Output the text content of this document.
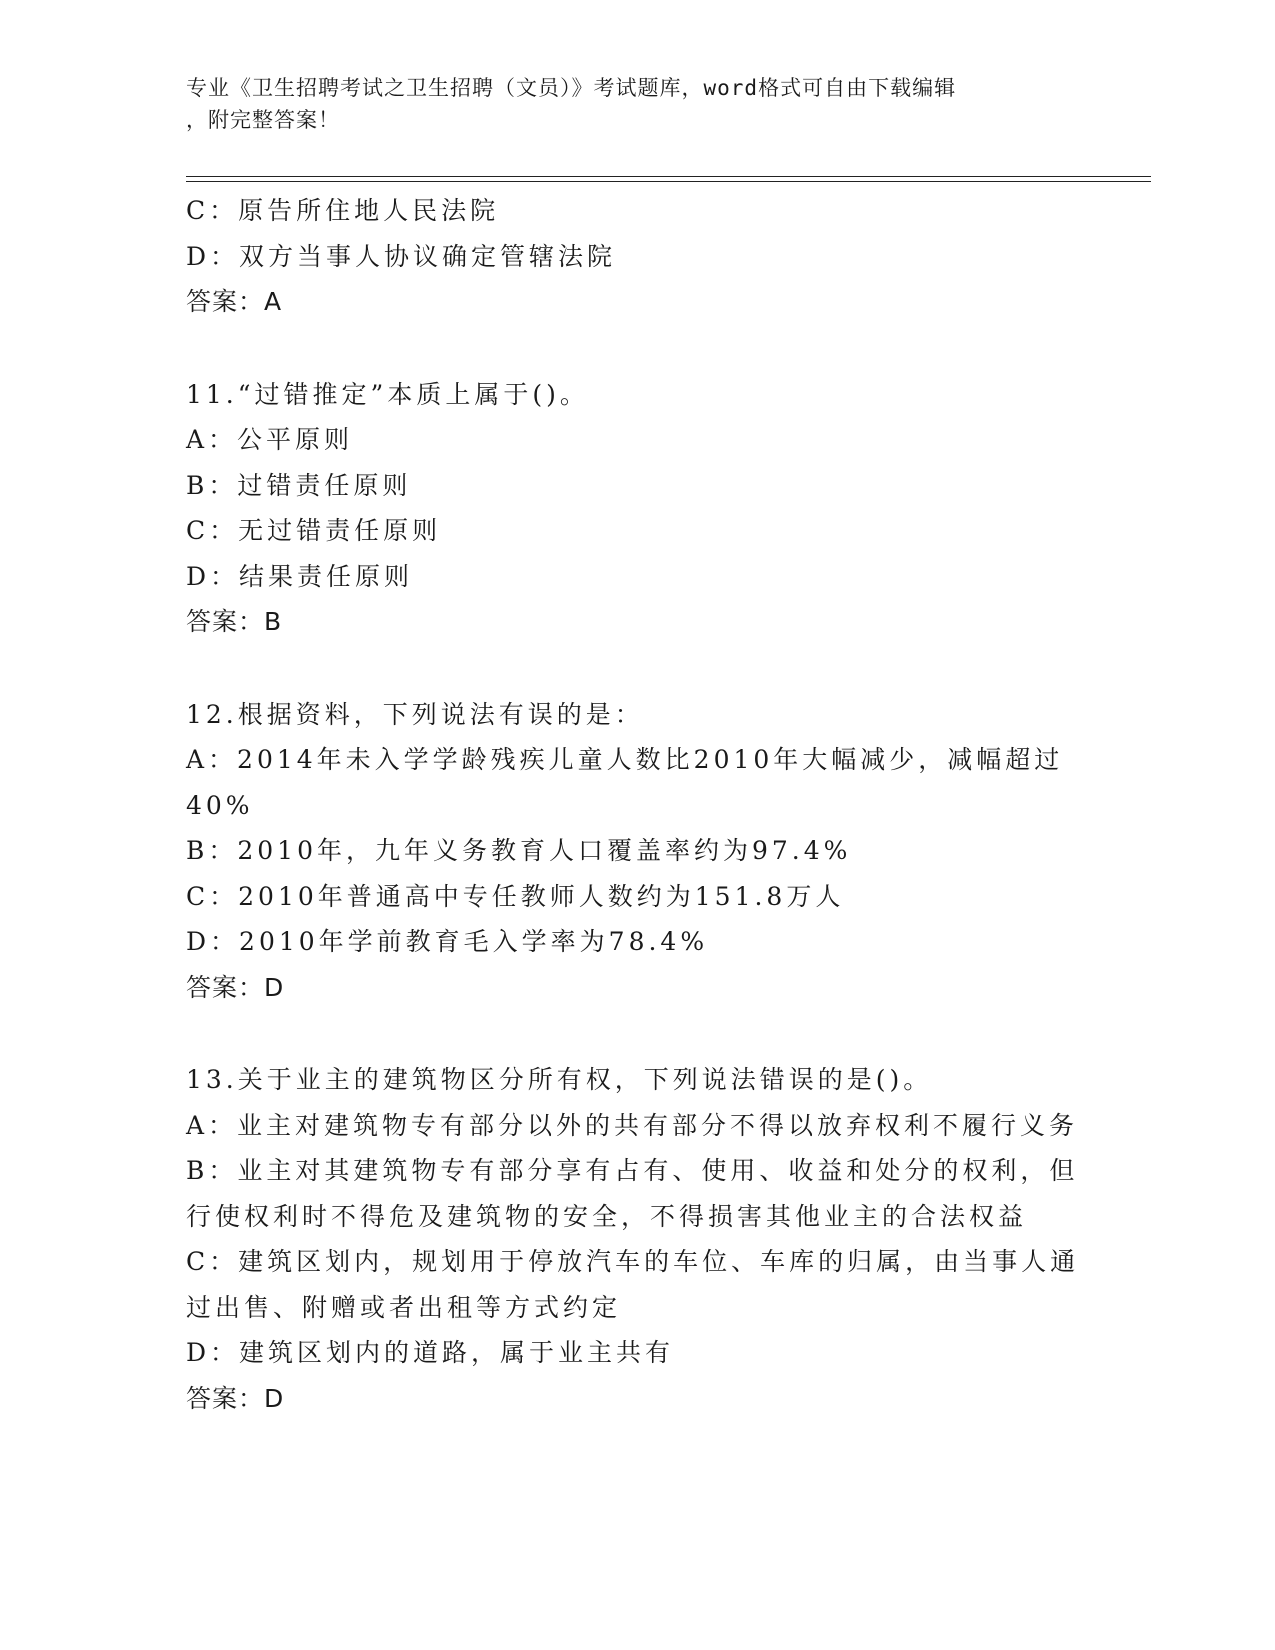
专业《卫生招聘考试之卫生招聘（文员）》考试题库，word格式可自由下载编辑
，附完整答案！
C：原告所住地人民法院
D：双方当事人协议确定管辖法院
答案：A
11.“过错推定”本质上属于()。
A：公平原则
B：过错责任原则
C：无过错责任原则
D：结果责任原则
答案：B
12.根据资料，下列说法有误的是：
A：2014年未入学学龄残疾儿童人数比2010年大幅减少，减幅超过
40%
B：2010年，九年义务教育人口覆盖率约为97.4%
C：2010年普通高中专任教师人数约为151.8万人
D：2010年学前教育毛入学率为78.4%
答案：D
13.关于业主的建筑物区分所有权，下列说法错误的是()。
A：业主对建筑物专有部分以外的共有部分不得以放弃权利不履行义务
B：业主对其建筑物专有部分享有占有、使用、收益和处分的权利，但
行使权利时不得危及建筑物的安全，不得损害其他业主的合法权益
C：建筑区划内，规划用于停放汽车的车位、车库的归属，由当事人通
过出售、附赠或者出租等方式约定
D：建筑区划内的道路，属于业主共有
答案：D
